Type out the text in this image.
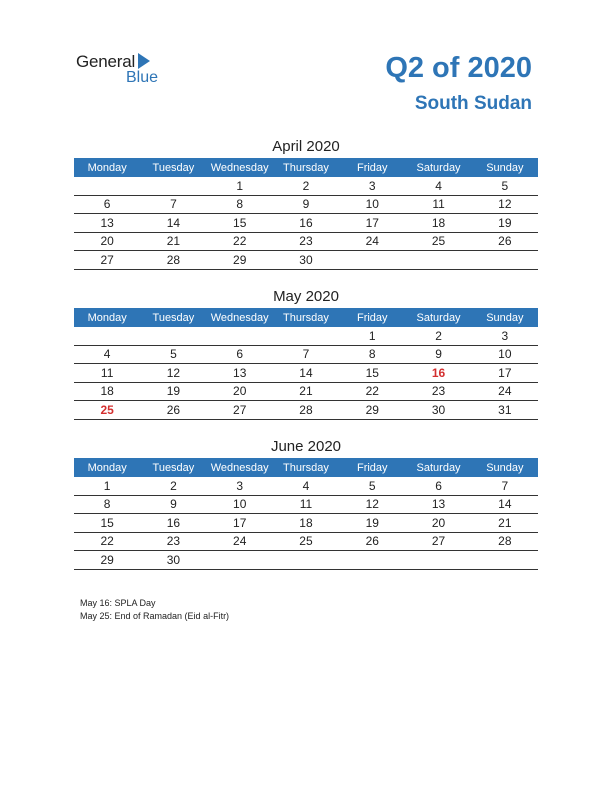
General
Blue	Q2 of 2020
South Sudan
April 2020
Monday	Tuesday	Wednesday	Thursday	Friday	Saturday	Sunday
		1	2	3	4	5
6	7	8	9	10	11	12
13	14	15	16	17	18	19
20	21	22	23	24	25	26
27	28	29	30			
May 2020
Monday	Tuesday	Wednesday	Thursday	Friday	Saturday	Sunday
				1	2	3
4	5	6	7	8	9	10
11	12	13	14	15	16	17
18	19	20	21	22	23	24
25	26	27	28	29	30	31
June 2020
Monday	Tuesday	Wednesday	Thursday	Friday	Saturday	Sunday
1	2	3	4	5	6	7
8	9	10	11	12	13	14
15	16	17	18	19	20	21
22	23	24	25	26	27	28
29	30					
May 16: SPLA Day
May 25: End of Ramadan (Eid al-Fitr)
